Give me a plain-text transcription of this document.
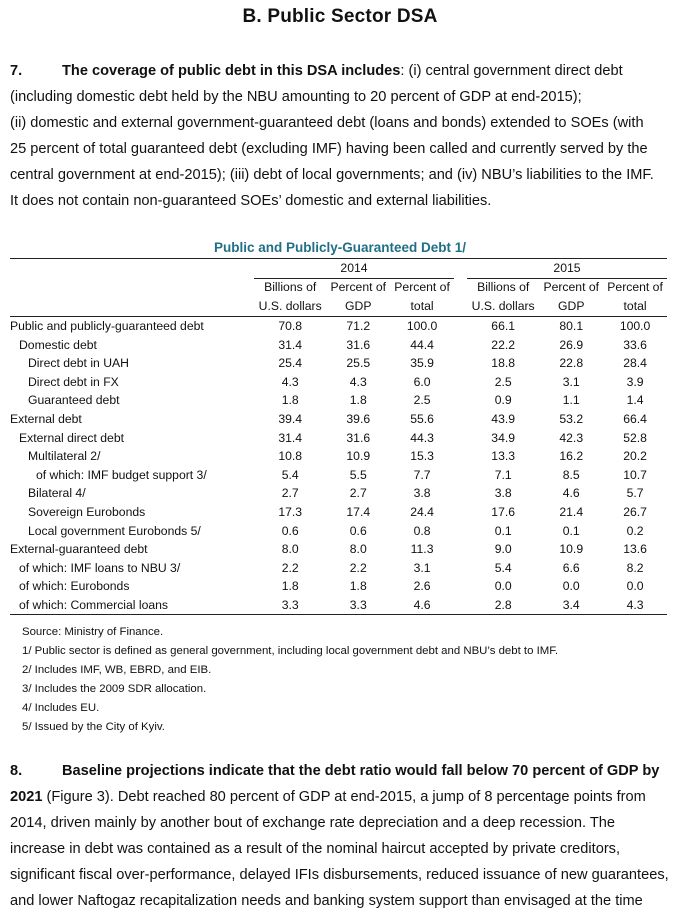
B. Public Sector DSA
7.	The coverage of public debt in this DSA includes: (i) central government direct debt
(including domestic debt held by the NBU amounting to 20 percent of GDP at end-2015);
(ii) domestic and external government-guaranteed debt (loans and bonds) extended to SOEs (with
25 percent of total guaranteed debt (excluding IMF) having been called and currently served by the
central government at end-2015); (iii) debt of local governments; and (iv) NBU’s liabilities to the IMF.
It does not contain non-guaranteed SOEs’ domestic and external liabilities.
Public and Publicly-Guaranteed Debt 1/
	2014				2015		
	Billions of	Percent of	Percent of		Billions of	Percent of	Percent of
	U.S. dollars	GDP	total		U.S. dollars	GDP	total
Public and publicly-guaranteed debt	70.8	71.2	100.0		66.1	80.1	100.0
Domestic debt	31.4	31.6	44.4		22.2	26.9	33.6
Direct debt in UAH	25.4	25.5	35.9		18.8	22.8	28.4
Direct debt in FX	4.3	4.3	6.0		2.5	3.1	3.9
Guaranteed debt	1.8	1.8	2.5		0.9	1.1	1.4
External debt	39.4	39.6	55.6		43.9	53.2	66.4
External direct debt	31.4	31.6	44.3		34.9	42.3	52.8
Multilateral 2/	10.8	10.9	15.3		13.3	16.2	20.2
of which: IMF budget support 3/	5.4	5.5	7.7		7.1	8.5	10.7
Bilateral 4/	2.7	2.7	3.8		3.8	4.6	5.7
Sovereign Eurobonds	17.3	17.4	24.4		17.6	21.4	26.7
Local government Eurobonds 5/	0.6	0.6	0.8		0.1	0.1	0.2
External-guaranteed debt	8.0	8.0	11.3		9.0	10.9	13.6
of which: IMF loans to NBU 3/	2.2	2.2	3.1		5.4	6.6	8.2
of which: Eurobonds	1.8	1.8	2.6		0.0	0.0	0.0
of which: Commercial loans	3.3	3.3	4.6		2.8	3.4	4.3
Source: Ministry of Finance.
1/ Public sector is defined as general government, including local government debt and NBU’s debt to IMF.
2/ Includes IMF, WB, EBRD, and EIB.
3/ Includes the 2009 SDR allocation.
4/ Includes EU.
5/ Issued by the City of Kyiv.
8.	Baseline projections indicate that the debt ratio would fall below 70 percent of GDP by
2021 (Figure 3). Debt reached 80 percent of GDP at end-2015, a jump of 8 percentage points from
2014, driven mainly by another bout of exchange rate depreciation and a deep recession. The
increase in debt was contained as a result of the nominal haircut accepted by private creditors,
significant fiscal over-performance, delayed IFIs disbursements, reduced issuance of new guarantees,
and lower Naftogaz recapitalization needs and banking system support than envisaged at the time
